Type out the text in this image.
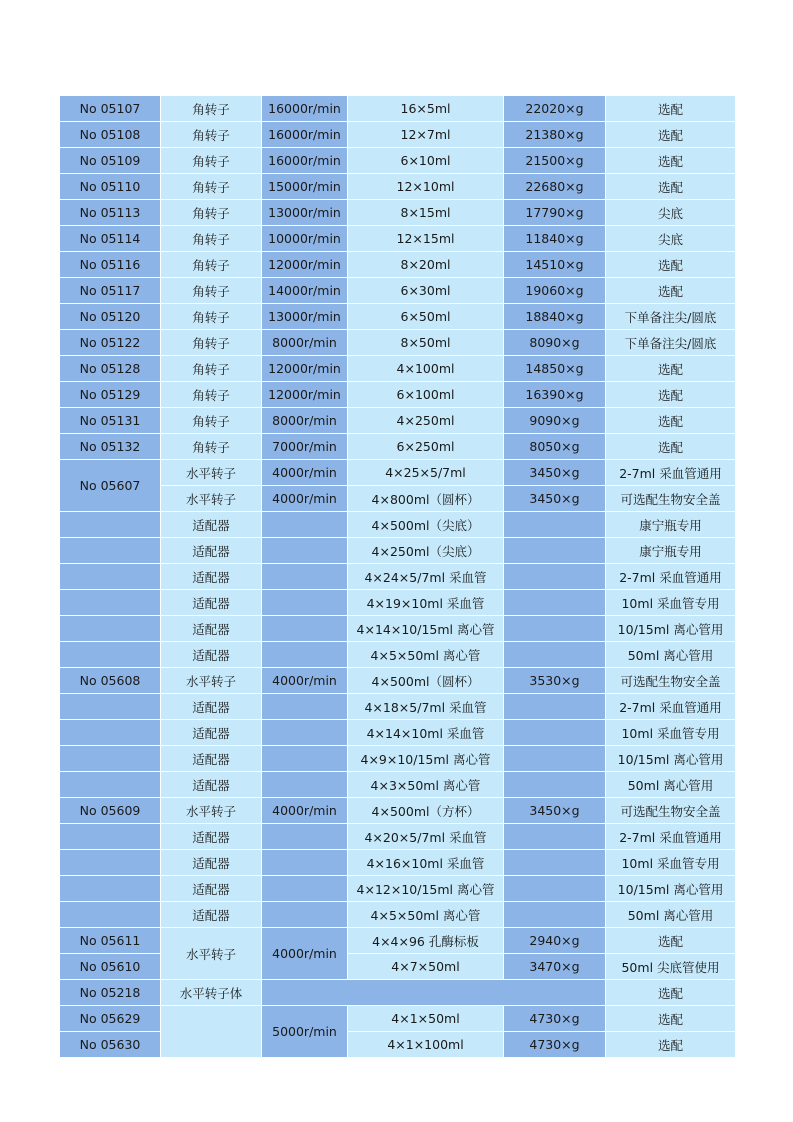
No 05107	角转子	16000r/min	16×5ml	22020×g	选配
No 05108	角转子	16000r/min	12×7ml	21380×g	选配
No 05109	角转子	16000r/min	6×10ml	21500×g	选配
No 05110	角转子	15000r/min	12×10ml	22680×g	选配
No 05113	角转子	13000r/min	8×15ml	17790×g	尖底
No 05114	角转子	10000r/min	12×15ml	11840×g	尖底
No 05116	角转子	12000r/min	8×20ml	14510×g	选配
No 05117	角转子	14000r/min	6×30ml	19060×g	选配
No 05120	角转子	13000r/min	6×50ml	18840×g	下单备注尖/圆底
No 05122	角转子	8000r/min	8×50ml	8090×g	下单备注尖/圆底
No 05128	角转子	12000r/min	4×100ml	14850×g	选配
No 05129	角转子	12000r/min	6×100ml	16390×g	选配
No 05131	角转子	8000r/min	4×250ml	9090×g	选配
No 05132	角转子	7000r/min	6×250ml	8050×g	选配
No 05607	水平转子	4000r/min	4×25×5/7ml	3450×g	2-7ml 采血管通用
	水平转子	4000r/min	4×800ml（圆杯）	3450×g	可选配生物安全盖
	适配器		4×500ml（尖底）		康宁瓶专用
	适配器		4×250ml（尖底）		康宁瓶专用
	适配器		4×24×5/7ml 采血管		2-7ml 采血管通用
	适配器		4×19×10ml 采血管		10ml 采血管专用
	适配器		4×14×10/15ml 离心管		10/15ml 离心管用
	适配器		4×5×50ml 离心管		50ml 离心管用
No 05608	水平转子	4000r/min	4×500ml（圆杯）	3530×g	可选配生物安全盖
	适配器		4×18×5/7ml 采血管		2-7ml 采血管通用
	适配器		4×14×10ml 采血管		10ml 采血管专用
	适配器		4×9×10/15ml 离心管		10/15ml 离心管用
	适配器		4×3×50ml 离心管		50ml 离心管用
No 05609	水平转子	4000r/min	4×500ml（方杯）	3450×g	可选配生物安全盖
	适配器		4×20×5/7ml 采血管		2-7ml 采血管通用
	适配器		4×16×10ml 采血管		10ml 采血管专用
	适配器		4×12×10/15ml 离心管		10/15ml 离心管用
	适配器		4×5×50ml 离心管		50ml 离心管用
No 05611	水平转子	4000r/min	4×4×96 孔酶标板	2940×g	选配
No 05610			4×7×50ml	3470×g	50ml 尖底管使用
No 05218	水平转子体				选配
No 05629		5000r/min	4×1×50ml	4730×g	选配
No 05630			4×1×100ml	4730×g	选配
